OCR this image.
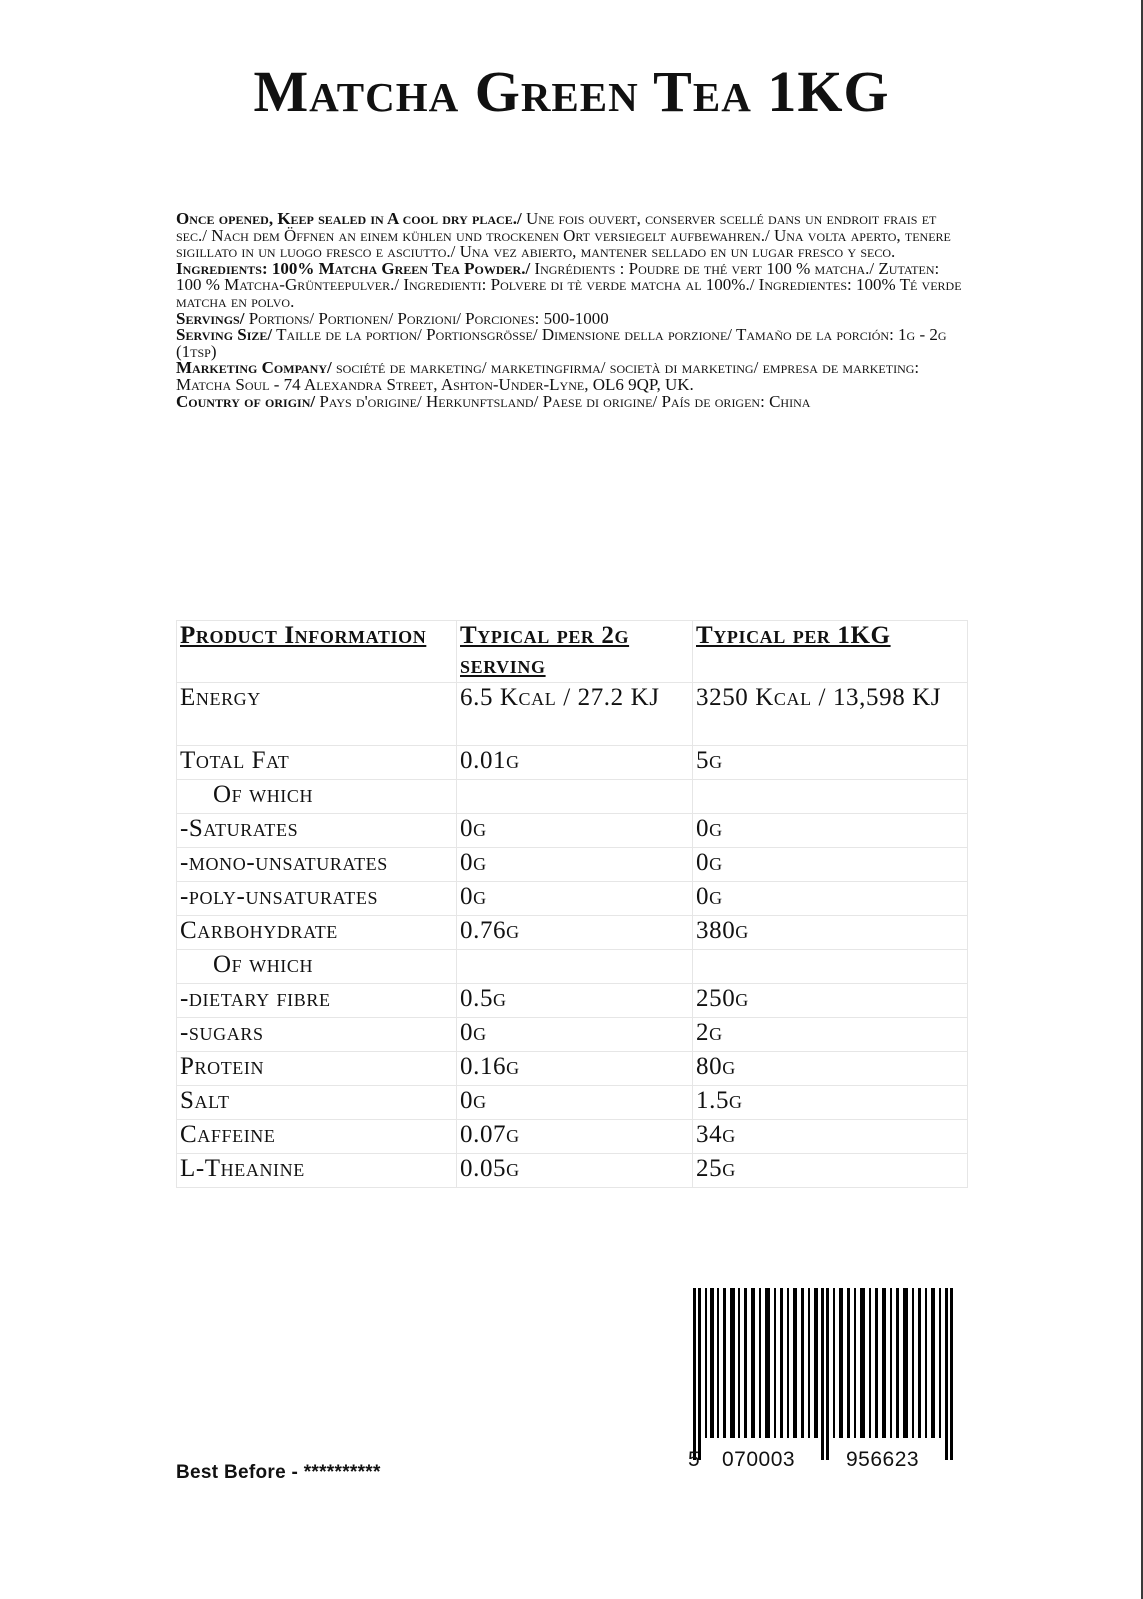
Matcha Green Tea 1KG

Once opened, Keep sealed in A cool dry place./ Une fois ouvert, conserver scellé dans un endroit frais et sec./ Nach dem Öffnen an einem kühlen und trockenen Ort versiegelt aufbewahren./ Una volta aperto, tenere sigillato in un luogo fresco e asciutto./ Una vez abierto, mantener sellado en un lugar fresco y seco.

Ingredients: 100% Matcha Green Tea Powder./ Ingrédients : Poudre de thé vert 100 % matcha./ Zutaten: 100 % Matcha-Grünteepulver./ Ingredienti: Polvere di tè verde matcha al 100%./ Ingredientes: 100% Té verde matcha en polvo.

Servings/ Portions/ Portionen/ Porzioni/ Porciones: 500-1000

Serving Size/ Taille de la portion/ Portionsgröße/ Dimensione della porzione/ Tamaño de la porción: 1g - 2g (1tsp)

Marketing Company/ société de marketing/ marketingfirma/ società di marketing/ empresa de marketing: Matcha Soul - 74 Alexandra Street, Ashton-Under-Lyne, OL6 9QP, UK.

Country of origin/ Pays d'origine/ Herkunftsland/ Paese di origine/ País de origen: China

Product Information	Typical per 2g serving	Typical per 1KG
Energy	6.5 Kcal / 27.2 KJ	3250 Kcal / 13,598 KJ
Total Fat	0.01g	5g
Of which		
-Saturates	0g	0g
-mono-unsaturates	0g	0g
-poly-unsaturates	0g	0g
Carbohydrate	0.76g	380g
Of which		
-dietary fibre	0.5g	250g
-sugars	0g	2g
Protein	0.16g	80g
Salt	0g	1.5g
Caffeine	0.07g	34g
L-Theanine	0.05g	25g
Best Before - **********
5 070003 956623
